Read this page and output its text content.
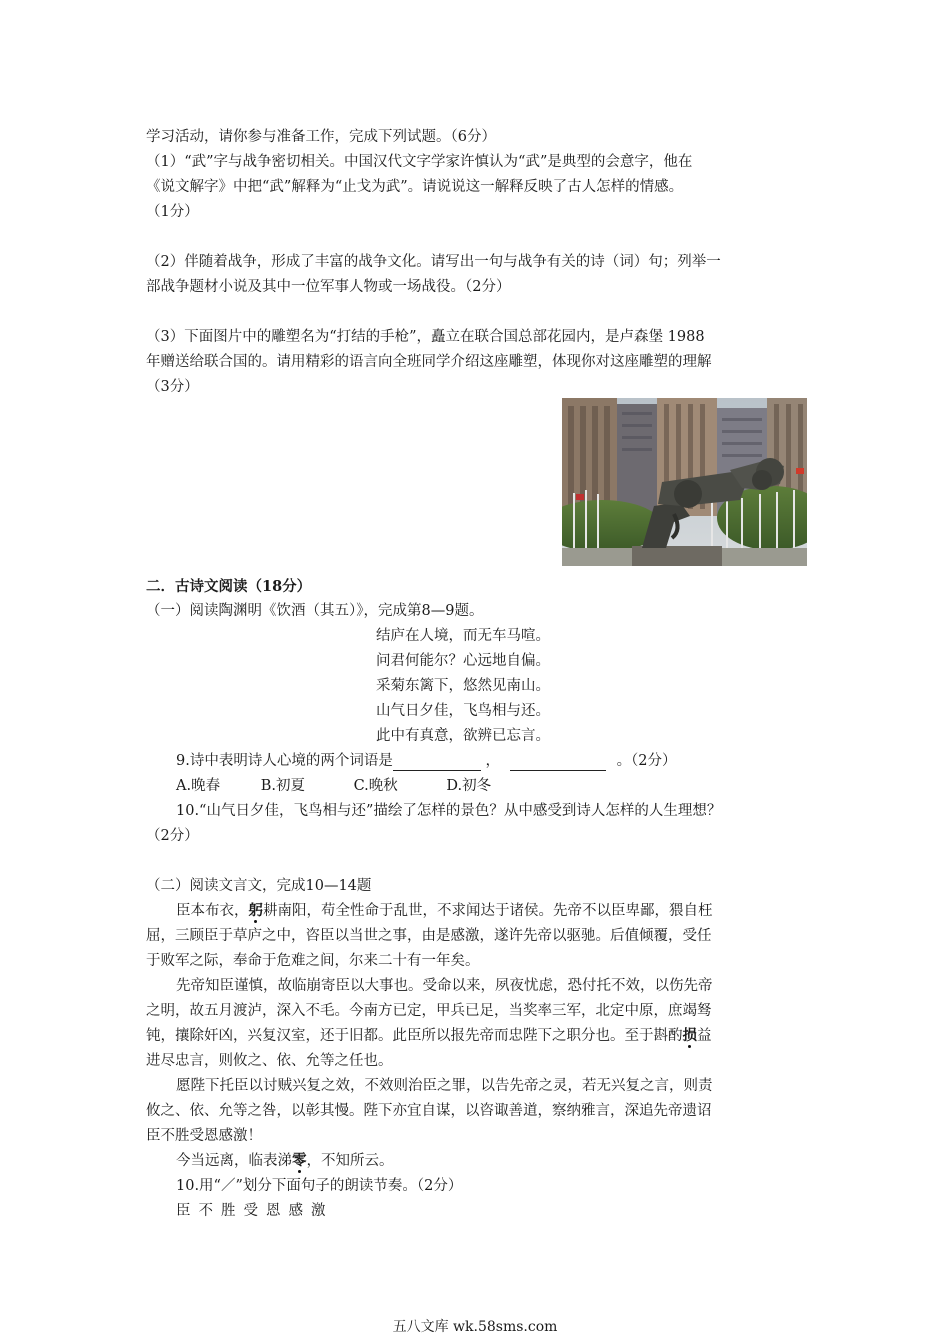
学习活动，请你参与准备工作，完成下列试题。（6分）
（1）“武”字与战争密切相关。中国汉代文字学家许慎认为“武”是典型的会意字，他在
《说文解字》中把“武”解释为“止戈为武”。请说说这一解释反映了古人怎样的情感。
（1分）
（2）伴随着战争，形成了丰富的战争文化。请写出一句与战争有关的诗（词）句；列举一
部战争题材小说及其中一位军事人物或一场战役。（2分）
（3）下面图片中的雕塑名为“打结的手枪”，矗立在联合国总部花园内，是卢森堡 1988
年赠送给联合国的。请用精彩的语言向全班同学介绍这座雕塑，体现你对这座雕塑的理解
（3分）
二．古诗文阅读（18分）
（一）阅读陶渊明《饮酒（其五）》，完成第8—9题。
结庐在人境，而无车马喧。
问君何能尔？心远地自偏。
采菊东篱下，悠然见南山。
山气日夕佳，飞鸟相与还。
此中有真意，欲辨已忘言。
9.诗中表明诗人心境的两个词语是	，	。（2分）
A.晚春	B.初夏	C.晚秋	D.初冬
10.“山气日夕佳，飞鸟相与还”描绘了怎样的景色？从中感受到诗人怎样的人生理想？
（2分）
（二）阅读文言文，完成10—14题
臣本布衣，躬耕南阳，苟全性命于乱世，不求闻达于诸侯。先帝不以臣卑鄙，猥自枉
屈，三顾臣于草庐之中，咨臣以当世之事，由是感激，遂许先帝以驱驰。后值倾覆，受任
于败军之际，奉命于危难之间，尔来二十有一年矣。
先帝知臣谨慎，故临崩寄臣以大事也。受命以来，夙夜忧虑，恐付托不效，以伤先帝
之明，故五月渡泸，深入不毛。今南方已定，甲兵已足，当奖率三军，北定中原，庶竭驽
钝，攘除奸凶，兴复汉室，还于旧都。此臣所以报先帝而忠陛下之职分也。至于斟酌损益
进尽忠言，则攸之、依、允等之任也。
愿陛下托臣以讨贼兴复之效，不效则治臣之罪，以告先帝之灵，若无兴复之言，则责
攸之、依、允等之咎，以彰其慢。陛下亦宜自谋，以咨诹善道，察纳雅言，深追先帝遗诏
臣不胜受恩感激！
今当远离，临表涕零，不知所云。
10.用“／”划分下面句子的朗读节奏。（2分）
臣不胜受恩感激
五八文库 wk.58sms.com
